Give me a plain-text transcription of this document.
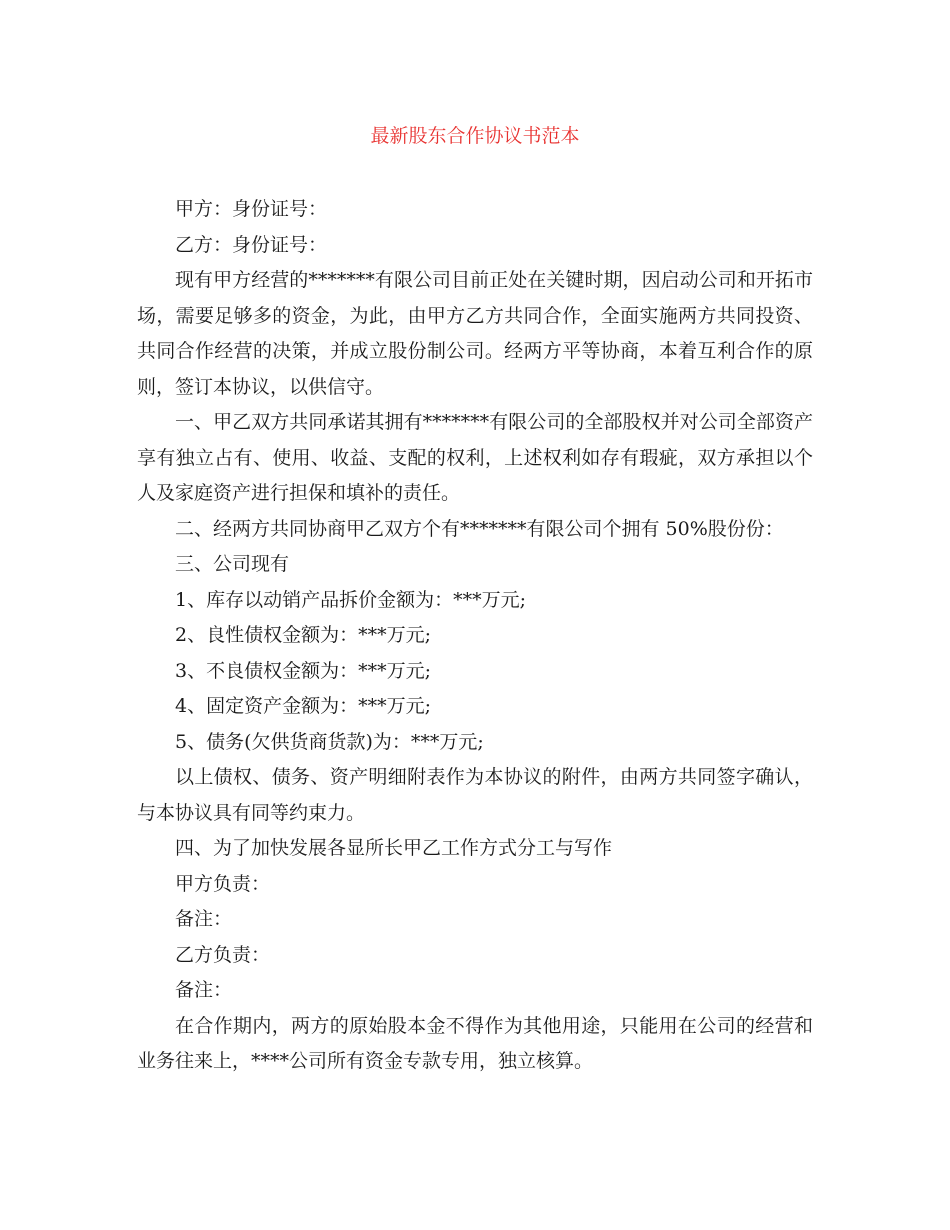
最新股东合作协议书范本

甲方：身份证号：

乙方：身份证号：

现有甲方经营的*******有限公司目前正处在关键时期，因启动公司和开拓市场，需要足够多的资金，为此，由甲方乙方共同合作，全面实施两方共同投资、共同合作经营的决策，并成立股份制公司。经两方平等协商，本着互利合作的原则，签订本协议，以供信守。

一、甲乙双方共同承诺其拥有*******有限公司的全部股权并对公司全部资产享有独立占有、使用、收益、支配的权利，上述权利如存有瑕疵，双方承担以个人及家庭资产进行担保和填补的责任。

二、经两方共同协商甲乙双方个有*******有限公司个拥有 50%股份份：

三、公司现有

1、库存以动销产品拆价金额为：***万元;

2、良性债权金额为：***万元;

3、不良债权金额为：***万元;

4、固定资产金额为：***万元;

5、债务(欠供货商货款)为：***万元;

以上债权、债务、资产明细附表作为本协议的附件，由两方共同签字确认，与本协议具有同等约束力。

四、为了加快发展各显所长甲乙工作方式分工与写作

甲方负责：

备注：

乙方负责：

备注：

在合作期内，两方的原始股本金不得作为其他用途，只能用在公司的经营和业务往来上，****公司所有资金专款专用，独立核算。
